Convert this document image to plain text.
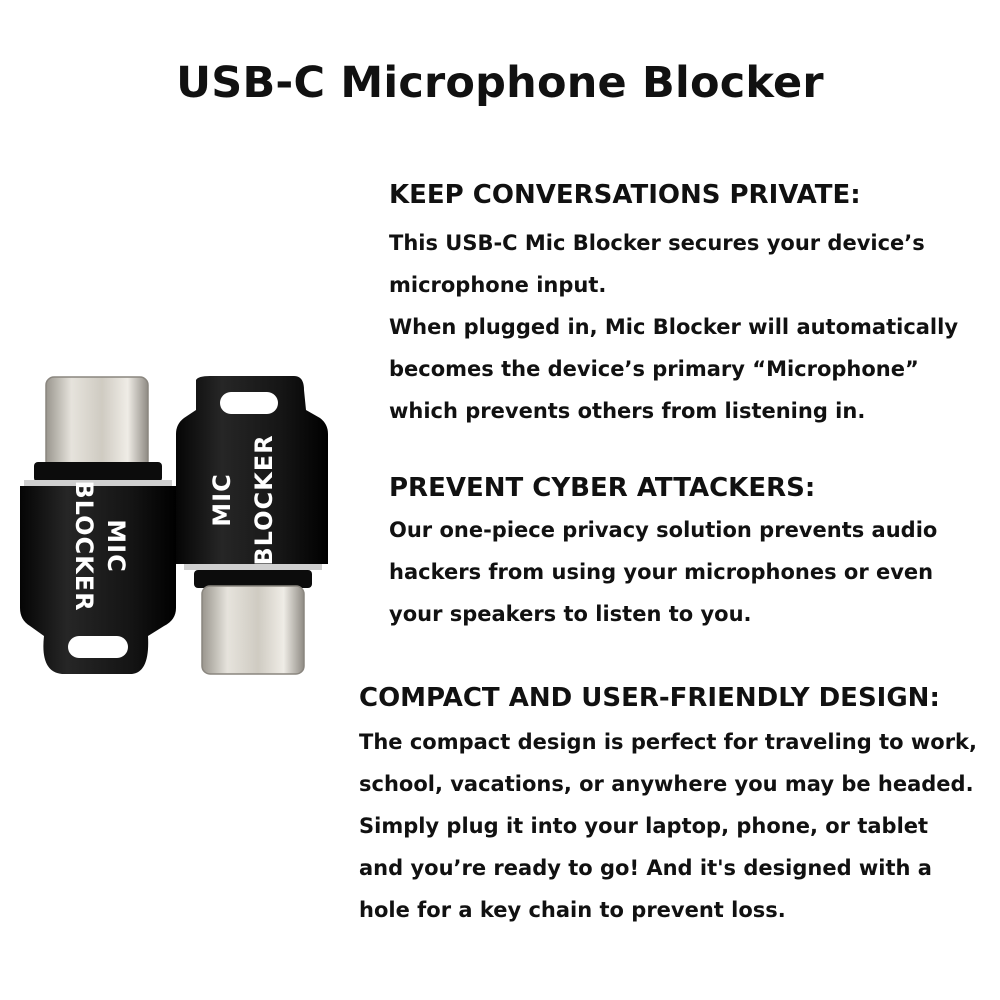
USB-C Microphone Blocker
MIC
BLOCKER	MIC BLOCKER
KEEP CONVERSATIONS PRIVATE:
This USB-C Mic Blocker secures your device’s
microphone input.
When plugged in, Mic Blocker will automatically
becomes the device’s primary “Microphone”
which prevents others from listening in.
PREVENT CYBER ATTACKERS:
Our one-piece privacy solution prevents audio
hackers from using your microphones or even
your speakers to listen to you.
COMPACT AND USER-FRIENDLY DESIGN:
The compact design is perfect for traveling to work,
school, vacations, or anywhere you may be headed.
Simply plug it into your laptop, phone, or tablet
and you’re ready to go! And it's designed with a
hole for a key chain to prevent loss.
